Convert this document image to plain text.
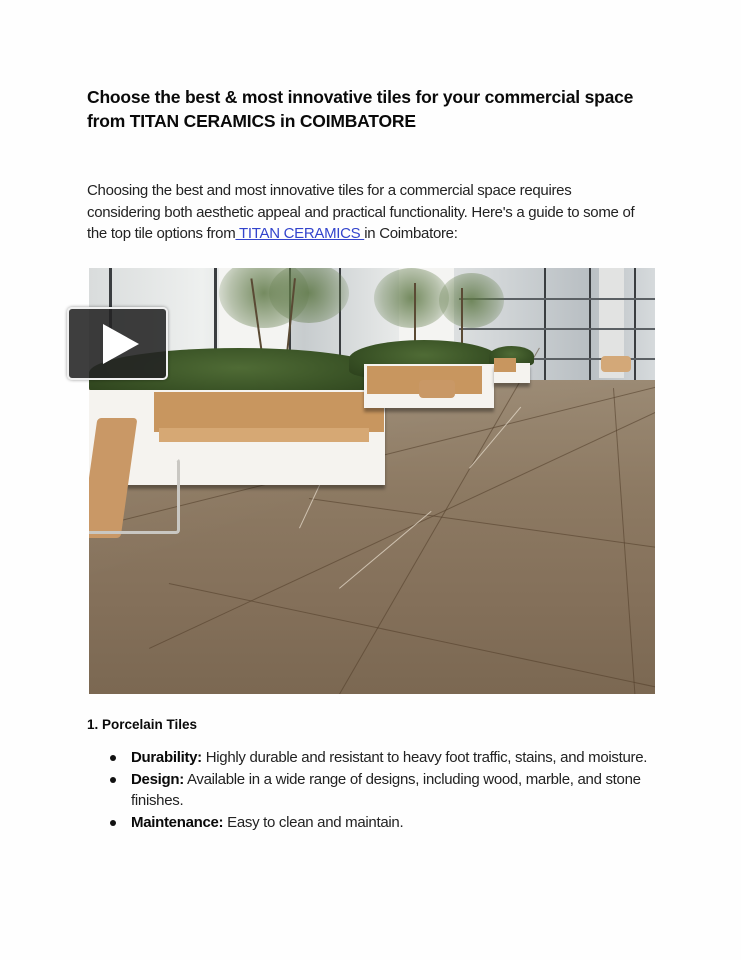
Choose the best & most innovative tiles for your commercial space from TITAN CERAMICS in COIMBATORE

Choosing the best and most innovative tiles for a commercial space requires considering both aesthetic appeal and practical functionality. Here's a guide to some of the top tile options from TITAN CERAMICS in Coimbatore:

1. Porcelain Tiles
Durability: Highly durable and resistant to heavy foot traffic, stains, and moisture.
Design: Available in a wide range of designs, including wood, marble, and stone finishes.
Maintenance: Easy to clean and maintain.
